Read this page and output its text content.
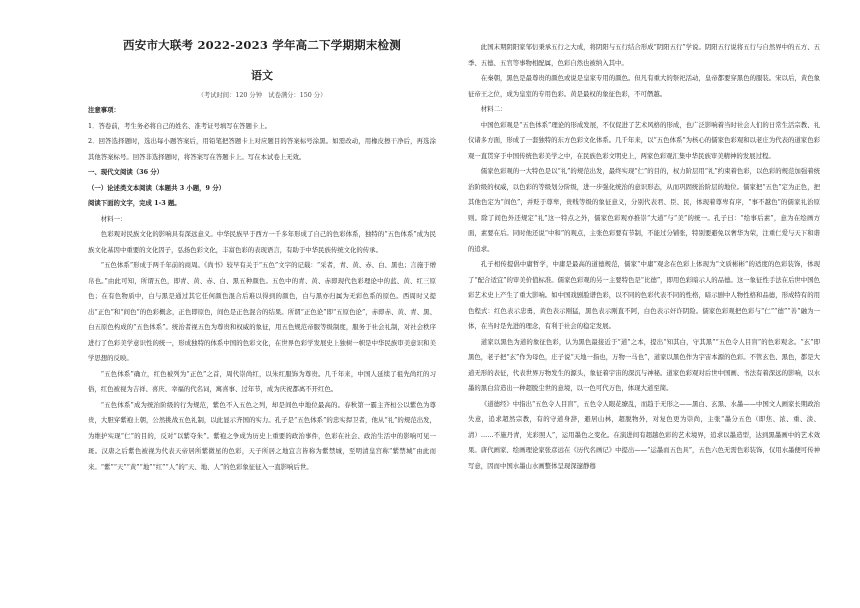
西安市大联考 2022-2023 学年高二下学期期末检测
语文
（考试时间：120 分钟　试卷满分：150 分）

注意事项：

1．答卷前，考生务必将自己的姓名、准考证号填写在答题卡上。

2．回答选择题时，选出每小题答案后，用铅笔把答题卡上对应题目的答案标号涂黑。如需改动，用橡皮擦干净后，再选涂其他答案标号。回答非选择题时，将答案写在答题卡上。写在本试卷上无效。

一、现代文阅读（36 分）

（一）论述类文本阅读（本题共 3 小题，9 分）

阅读下面的文字，完成 1-3 题。

材料一：

色彩观对民族文化的影响具有深远意义。中华民族早于西方一千多年形成了自己的色彩体系，独特的“五色体系”成为民族文化基因中重要的文化因子，弘扬色彩文化，丰富色彩的表现语言，有助于中华民族传统文化的传承。

“五色体系”形成于两千年前的商周。《尚书》较早有关于“五色”文字的记载：“采者，青、黄、赤、白、黑也；言施于缯帛也。”由此可知，所谓五色，即青、黄、赤、白、黑五种颜色。五色中的青、黄、赤即现代色彩理论中的蓝、黄、红三原色；在有色物质中，白与黑是通过其它任何颜色混合后难以得到的颜色，白与黑亦归属为无彩色系的原色。西周时又提出“正色”和“间色”的色彩概念，正色即原色，间色是正色混合的结果。所谓“正色论”即“五原色论”，赤即赤、黄、青、黑、白五原色构成的“五色体系”。统治者视五色为尊贵和权威的象征，用五色规范帝服等级制度，服务于社会礼制，对社会秩序进行了色彩美学意识性的统一，形成独特的体系中国的色彩文化，在世界色彩学发展史上独树一帜是中华民族审美意识和美学思想的反映。

“五色体系”确立，红色被列为“正色”之首，周代崇尚红，以朱红服饰为尊贵。几千年来，中国人延续了祖先尚红的习俗，红色被视为吉祥、喜庆、幸福的代名词，寓喜事、过年节，成为庆祝都离不开红色。

“五色体系”成为统治阶级的行为规范，紫色不入五色之列，却是间色中地位最高的。春秋第一霸主齐桓公以紫色为尊贵，大胆穿紫袍上朝，公然挑战五色礼制，以此显示齐国的实力。孔子是“五色体系”的忠实捍卫者，他从“礼”的规范出发，为维护实现“仁”的目的，反对“以紫夺朱”。紫袍之争成为历史上重要的政治事件，色彩在社会、政治生活中的影响可见一斑。汉唐之后紫色被视为代表天帝居所紫微星的色彩，天子所居之地宜言皆称为紫禁城，至明清皇宫称“紫禁城”由此而来。“紫”“天”“黄”“地”“红”“人”的“天、地、人”的色彩象征征入一直影响后世。

此国末期阴阳家邹衍秉承五行之大成，将阴阳与五行结合形成“阴阳五行”学说。阴阳五行说将五行与自然界中的五方、五季、五德、五官等事物相配属，色彩自然也被纳入其中。

在秦朝，黑色是最尊贵的颜色或说是皇家专用的颜色。但凡有重大的祭祀活动，皇帝都要穿黑色的服装。宋以后，黄色象征帝王之位，成为皇室的专用色彩。黄是最权的象征色彩，不可僭越。

材料二：

中国色彩观是“五色体系”理论的形成发展，不仅促进了艺术风格的形成，也广泛影响着当时社会人们的日常生活宗教、礼仪诸多方面，形成了一套独特的东方色彩文化体系。几千年来，以“五色体系”为核心的儒家色彩观和以老庄为代表的道家色彩观一直贯穿于中国传统色彩美学之中，在民族色彩文明史上，两家色彩观汇集中华民族审美精神的发展过程。

儒家色彩观的一大特色是以“礼”的规范出发，最终实现“仁”的目的，权力阶层用“礼”约束着色彩，以色彩的规范加强着统治阶级的权威，以色彩的等级划分阶级，进一步强化统治的意识形态，从而巩固统治阶层的地位。儒家把“五色”定为正色，把其他色定为“间色”，并贬于尊卑，贵贱等级的象征意义，分别代表君、臣、民，体现着尊卑有序，“事不越色”的儒家礼治原则。除了间色外还规定“礼”这一特点之外，儒家色彩观亦推崇“大道”与“美”的统一。孔子曰：“绘事后素”，意为在绘画方面，素要在后。同时他还说“中和”的观点，主张色彩要有节制，不能过分铺张，特别要避免以奢华为荣，注重仁爱与天下和谐的追求。

孔子相传提倡中庸哲学，中庸是最高的道德规范，儒家“中庸”观念在色彩上体现为“文质彬彬”的适度的色彩装饰，体现了“配合适宜”的审美价值标准。儒家色彩观的另一主要特色是“比德”，即用色彩暗示人的品德。这一象征性手法在后世中国色彩艺术史上产生了重大影响。如中国戏剧脸谱色彩，以不同的色彩代表不同的性格，暗示剧中人物性格和品德，形成特有的用色程式：红色表示忠勇，黄色表示刚猛，黑色表示刚直不阿，白色表示奸诈阴险。儒家色彩观把色彩与“仁”“德”“善”融为一体，在当时是先进的理念，有利于社会的稳定发展。

道家以黑色为道的象征色彩，认为黑色最接近于“道”之本，提出“知其白，守其黑”“五色令人目盲”的色彩观念。“玄”即黑色，老子把“玄”作为母色，庄子说“天地一指也，万物一马也”，道家以黑色作为宇宙本源的色彩。不管玄色、黑色，都是大道无形的表征，代表世界万物发生的源头，象征着宇宙的深沉与神秘。道家色彩观对后世中国画、书法有着深远的影响，以水墨的黑白营造出一种超脱尘世的意境，以一色可代万色，体现大道至简。

《道德经》中指出“五色令人目盲”，五色令人眼花缭乱，而趋于无形之——黑白、玄黑、水墨——中国文人画家长期政治失意，追求超然宗教，有的守道身辞，避居山林，超脱物外，对复色更为崇尚，主张“墨分五色（即焦、浓、重、淡、清）……不施丹青，光彩照人”，运用墨色之变化。在演进间有超越色彩的艺术境界，追求以墨造型，达到黑墨画中的艺术效果。唐代画家、绘画理论家张彦远在《历代名画记》中提出——“运墨而五色具”，五色六色无需色彩装饰，仅用水墨便可传神写意，因而中国水墨山水画整体呈现深邃静穆
